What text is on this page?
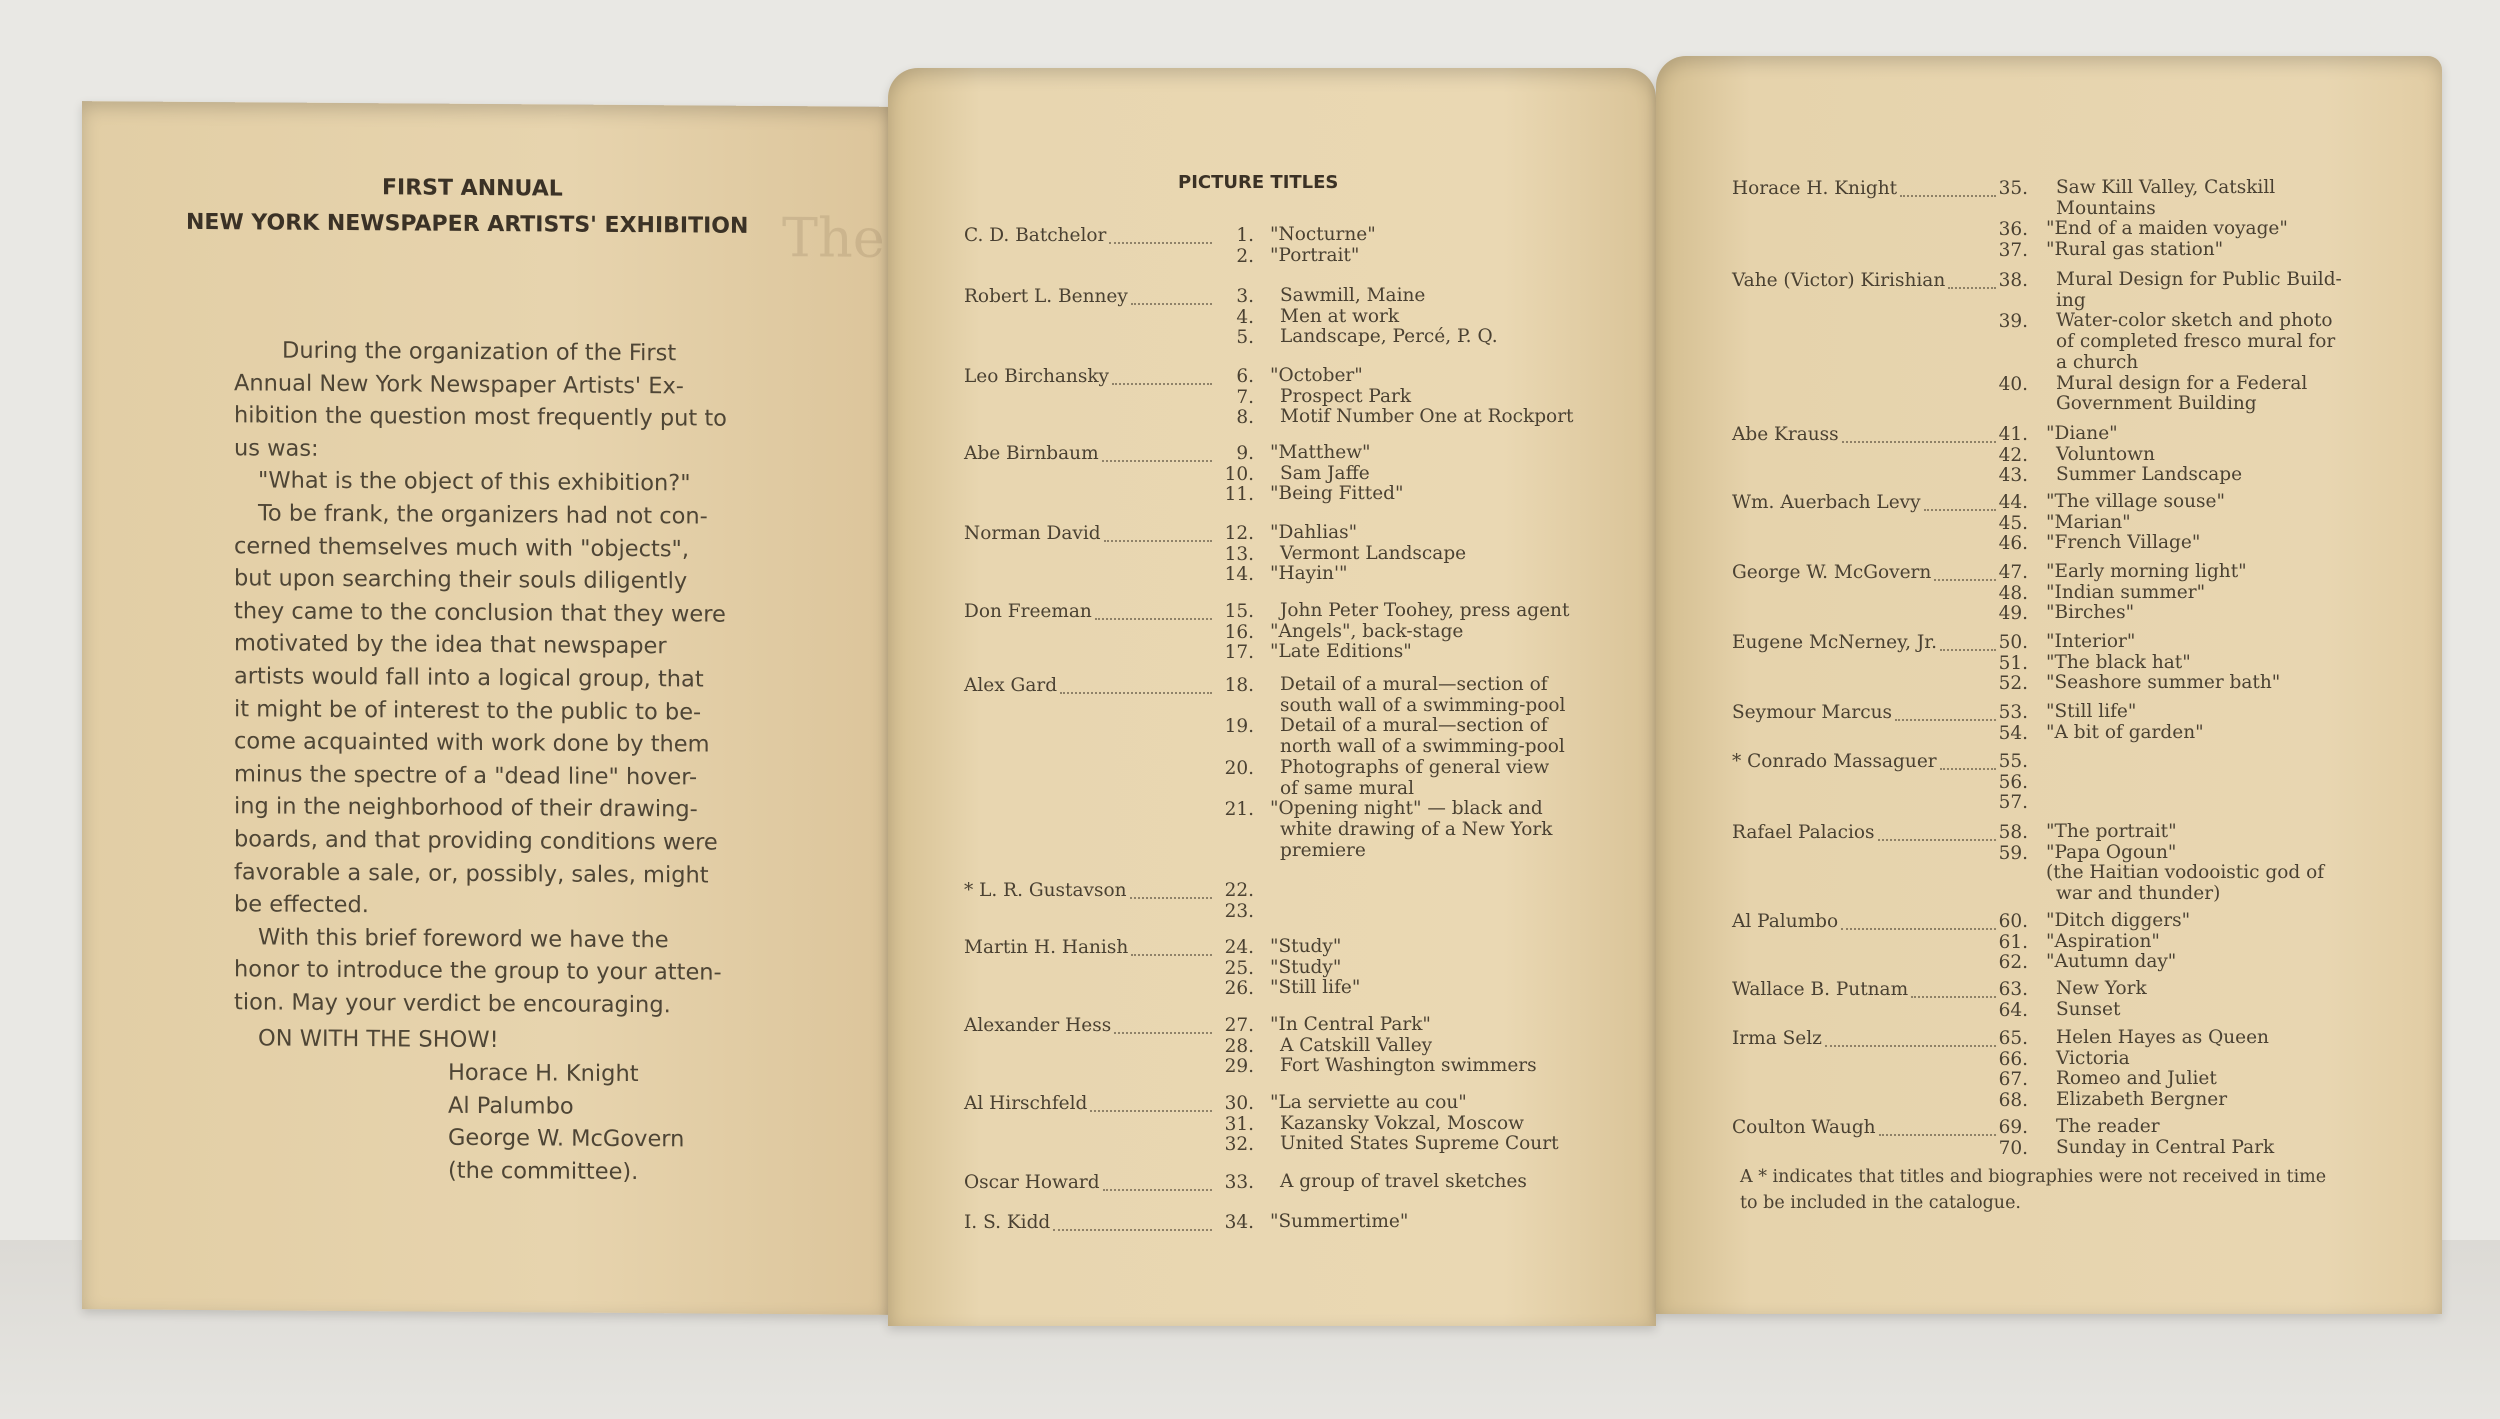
The
FIRST ANNUAL
NEW YORK NEWSPAPER ARTISTS' EXHIBITION
During the organization of the First
Annual New York Newspaper Artists' Ex-
hibition the question most frequently put to
us was:
"What is the object of this exhibition?"
To be frank, the organizers had not con-
cerned themselves much with "objects",
but upon searching their souls diligently
they came to the conclusion that they were
motivated by the idea that newspaper
artists would fall into a logical group, that
it might be of interest to the public to be-
come acquainted with work done by them
minus the spectre of a "dead line" hover-
ing in the neighborhood of their drawing-
boards, and that providing conditions were
favorable a sale, or, possibly, sales, might
be effected.
With this brief foreword we have the
honor to introduce the group to your atten-
tion. May your verdict be encouraging.
ON WITH THE SHOW!
Horace H. Knight
Al Palumbo
George W. McGovern
(the committee).
PICTURE TITLES
C. D. Batchelor	1. "Nocturne"
2. "Portrait"
Robert L. Benney	3. Sawmill, Maine
4. Men at work
5. Landscape, Percé, P. Q.
Leo Birchansky	6. "October"
7. Prospect Park
8. Motif Number One at Rockport
Abe Birnbaum	9. "Matthew"
10. Sam Jaffe
11. "Being Fitted"
Norman David	12. "Dahlias"
13. Vermont Landscape
14. "Hayin'"
Don Freeman	15. John Peter Toohey, press agent
16. "Angels", back-stage
17. "Late Editions"
Alex Gard	18. Detail of a mural—section of
south wall of a swimming-pool
19. Detail of a mural—section of
north wall of a swimming-pool
20. Photographs of general view
of same mural
21. "Opening night" — black and
white drawing of a New York
premiere
* L. R. Gustavson	22.
23.
Martin H. Hanish	24. "Study"
25. "Study"
26. "Still life"
Alexander Hess	27. "In Central Park"
28. A Catskill Valley
29. Fort Washington swimmers
Al Hirschfeld	30. "La serviette au cou"
31. Kazansky Vokzal, Moscow
32. United States Supreme Court
Oscar Howard	33. A group of travel sketches
I. S. Kidd	34. "Summertime"
Horace H. Knight	35. Saw Kill Valley, Catskill
Mountains
36. "End of a maiden voyage"
37. "Rural gas station"
Vahe (Victor) Kirishian	38. Mural Design for Public Build-
ing
39. Water-color sketch and photo
of completed fresco mural for
a church
40. Mural design for a Federal
Government Building
Abe Krauss	41. "Diane"
42. Voluntown
43. Summer Landscape
Wm. Auerbach Levy	44. "The village souse"
45. "Marian"
46. "French Village"
George W. McGovern	47. "Early morning light"
48. "Indian summer"
49. "Birches"
Eugene McNerney, Jr.	50. "Interior"
51. "The black hat"
52. "Seashore summer bath"
Seymour Marcus	53. "Still life"
54. "A bit of garden"
* Conrado Massaguer	55.
56.
57.
Rafael Palacios	58. "The portrait"
59. "Papa Ogoun"
(the Haitian vodooistic god of
war and thunder)
Al Palumbo	60. "Ditch diggers"
61. "Aspiration"
62. "Autumn day"
Wallace B. Putnam	63. New York
64. Sunset
Irma Selz	65. Helen Hayes as Queen
66. Victoria
67. Romeo and Juliet
68. Elizabeth Bergner
Coulton Waugh	69. The reader
70. Sunday in Central Park
A * indicates that titles and biographies were not received in time
to be included in the catalogue.
